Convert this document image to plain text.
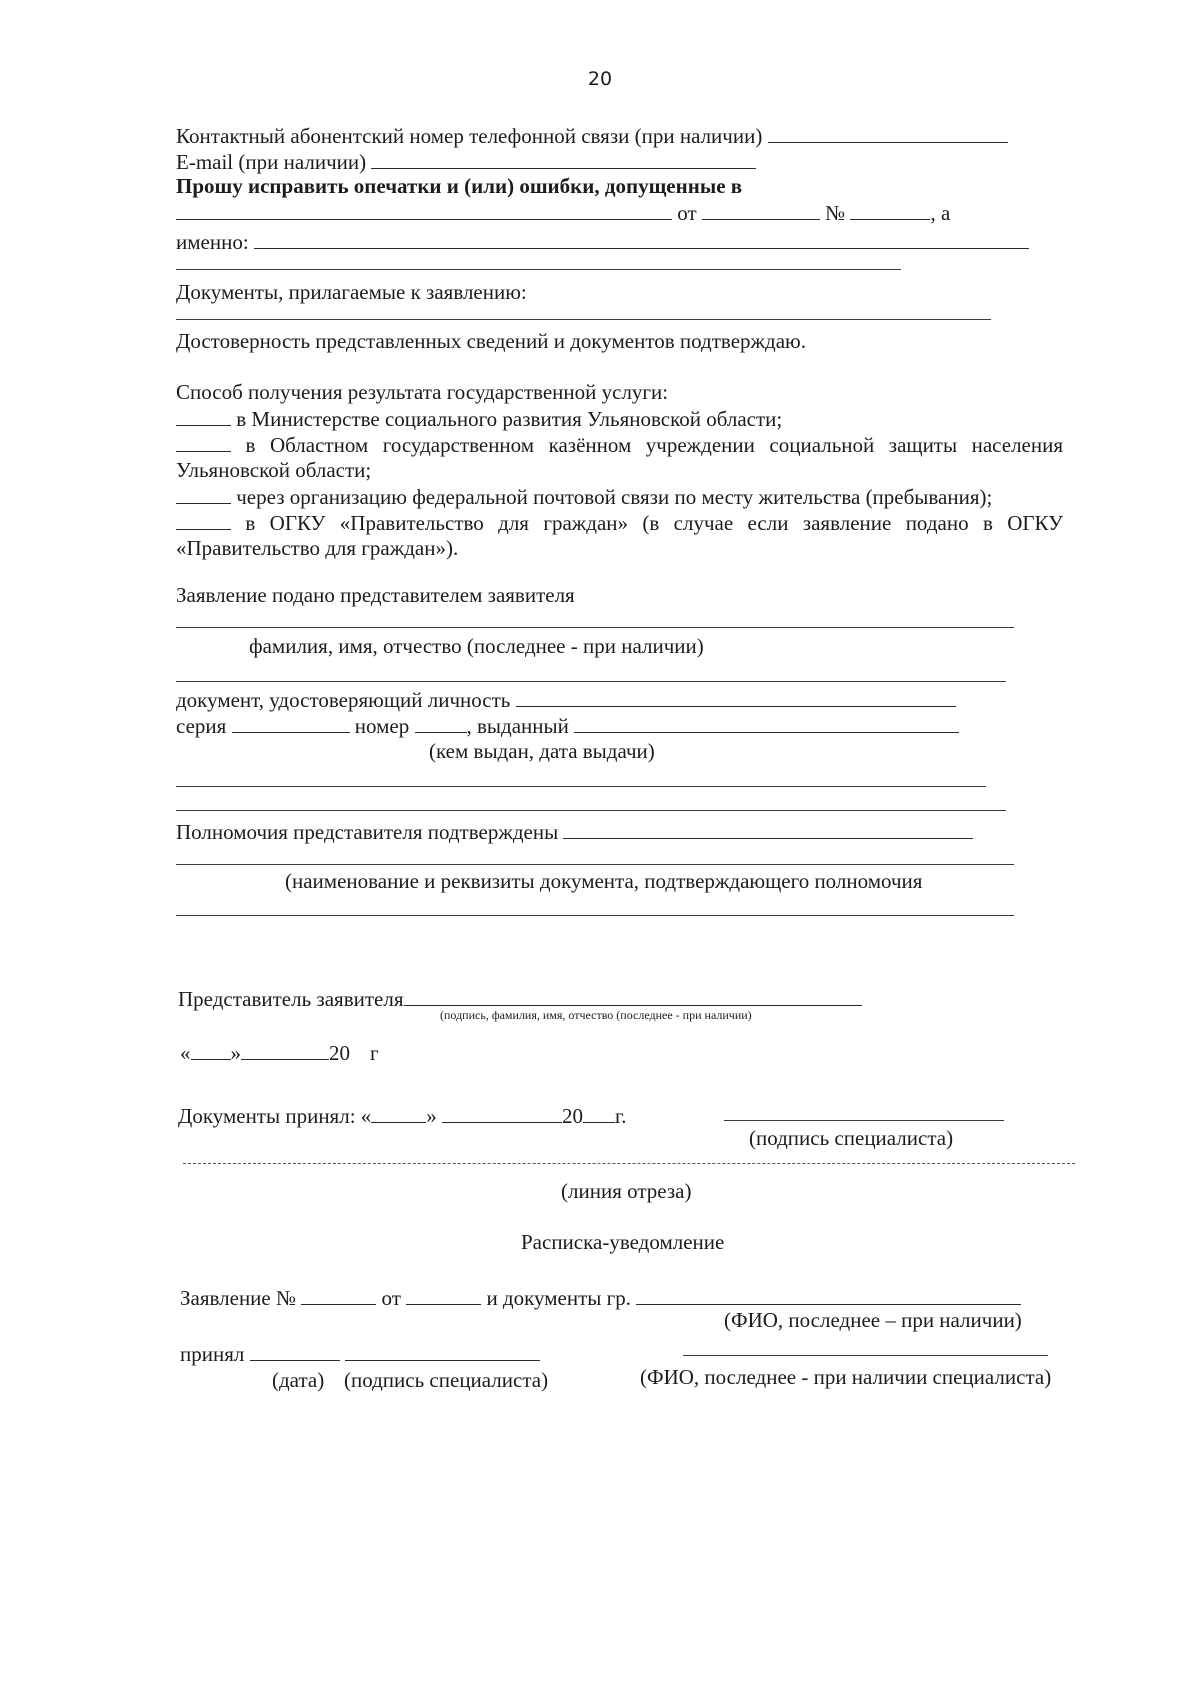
20
Контактный абонентский номер телефонной связи (при наличии)
E-mail (при наличии)
Прошу исправить опечатки и (или) ошибки, допущенные в
от	№	, а
именно:
Документы, прилагаемые к заявлению:
Достоверность представленных сведений и документов подтверждаю.
Способ получения результата государственной услуги:
в Министерстве социального развития Ульяновской области;
в Областном государственном казённом учреждении социальной защиты населения
Ульяновской области;
через организацию федеральной почтовой связи по месту жительства (пребывания);
в ОГКУ «Правительство для граждан» (в случае если заявление подано в ОГКУ
«Правительство для граждан»).
Заявление подано представителем заявителя
фамилия, имя, отчество (последнее - при наличии)
документ, удостоверяющий личность
серия	номер	, выданный
(кем выдан, дата выдачи)
Полномочия представителя подтверждены
(наименование и реквизиты документа, подтверждающего полномочия
Представитель заявителя
(подпись, фамилия, имя, отчество (последнее - при наличии)
« »	20 г
Документы принял: «	»	20 г.
(подпись специалиста)
(линия отреза)
Расписка-уведомление
Заявление №	от	и документы гр.
(ФИО, последнее – при наличии)
принял
(дата) (подпись специалиста)	(ФИО, последнее - при наличии специалиста)
